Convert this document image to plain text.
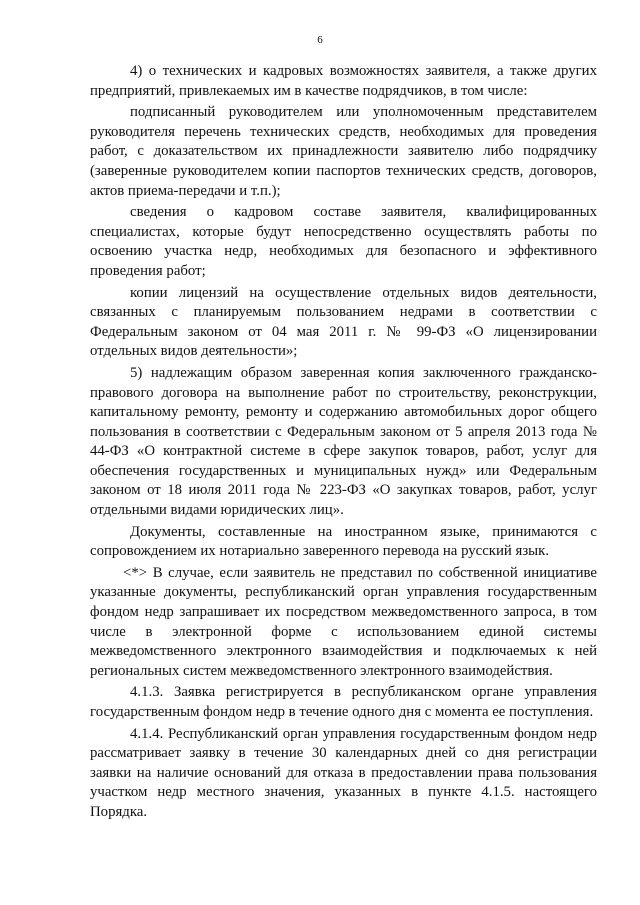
6

4) о технических и кадровых возможностях заявителя, а также других предприятий, привлекаемых им в качестве подрядчиков, в том числе:

подписанный руководителем или уполномоченным представителем руководителя перечень технических средств, необходимых для проведения работ, с доказательством их принадлежности заявителю либо подрядчику (заверенные руководителем копии паспортов технических средств, договоров, актов приема-передачи и т.п.);

сведения о кадровом составе заявителя, квалифицированных специалистах, которые будут непосредственно осуществлять работы по освоению участка недр, необходимых для безопасного и эффективного проведения работ;

копии лицензий на осуществление отдельных видов деятельности, связанных с планируемым пользованием недрами в соответствии с Федеральным законом от 04 мая 2011 г. № 99-ФЗ «О лицензировании отдельных видов деятельности»;

5) надлежащим образом заверенная копия заключенного гражданско-правового договора на выполнение работ по строительству, реконструкции, капитальному ремонту, ремонту и содержанию автомобильных дорог общего пользования в соответствии с Федеральным законом от 5 апреля 2013 года № 44-ФЗ «О контрактной системе в сфере закупок товаров, работ, услуг для обеспечения государственных и муниципальных нужд» или Федеральным законом от 18 июля 2011 года № 223-ФЗ «О закупках товаров, работ, услуг отдельными видами юридических лиц».

Документы, составленные на иностранном языке, принимаются с сопровождением их нотариально заверенного перевода на русский язык.

<*> В случае, если заявитель не представил по собственной инициативе указанные документы, республиканский орган управления государственным фондом недр запрашивает их посредством межведомственного запроса, в том числе в электронной форме с использованием единой системы межведомственного электронного взаимодействия и подключаемых к ней региональных систем межведомственного электронного взаимодействия.

4.1.3. Заявка регистрируется в республиканском органе управления государственным фондом недр в течение одного дня с момента ее поступления.

4.1.4. Республиканский орган управления государственным фондом недр рассматривает заявку в течение 30 календарных дней со дня регистрации заявки на наличие оснований для отказа в предоставлении права пользования участком недр местного значения, указанных в пункте 4.1.5. настоящего Порядка.
